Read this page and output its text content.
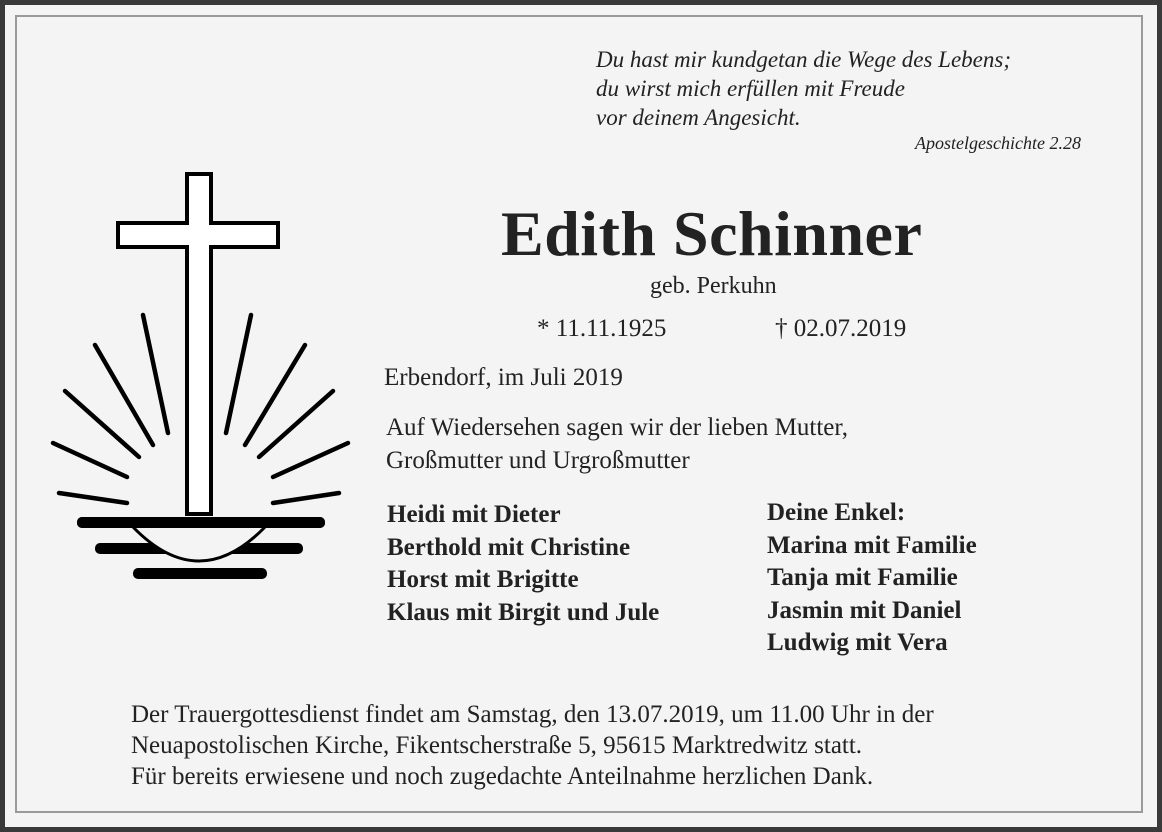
Du hast mir kundgetan die Wege des Lebens;
du wirst mich erfüllen mit Freude
vor deinem Angesicht.
Apostelgeschichte 2.28
Edith Schinner
geb. Perkuhn
* 11.11.1925	† 02.07.2019
Erbendorf, im Juli 2019
Auf Wiedersehen sagen wir der lieben Mutter,
Großmutter und Urgroßmutter
Heidi mit Dieter
Berthold mit Christine
Horst mit Brigitte
Klaus mit Birgit und Jule
Deine Enkel:
Marina mit Familie
Tanja mit Familie
Jasmin mit Daniel
Ludwig mit Vera
Der Trauergottesdienst findet am Samstag, den 13.07.2019, um 11.00 Uhr in der
Neuapostolischen Kirche, Fikentscherstraße 5, 95615 Marktredwitz statt.
Für bereits erwiesene und noch zugedachte Anteilnahme herzlichen Dank.
